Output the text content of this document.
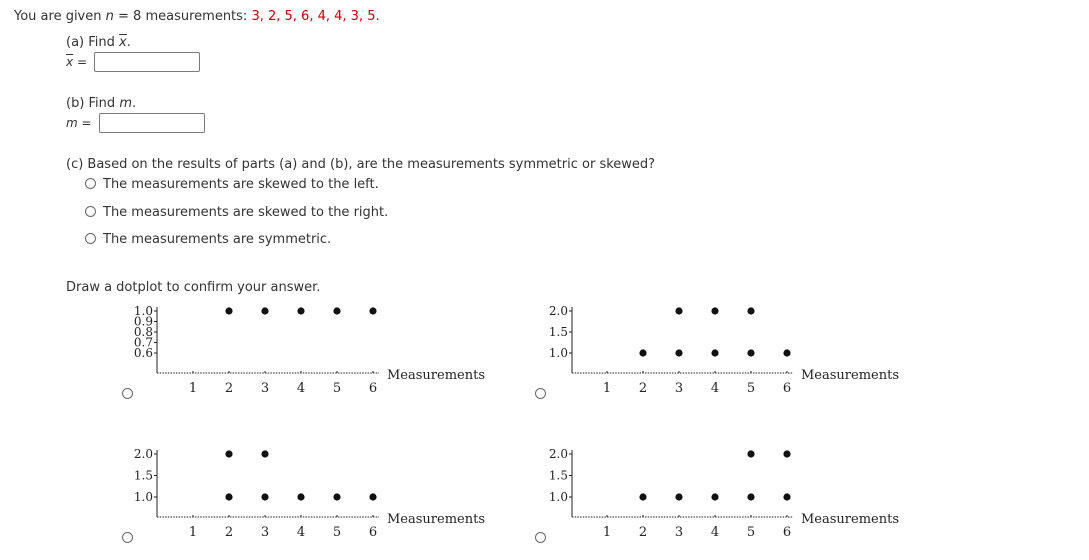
You are given n = 8 measurements: 3, 2, 5, 6, 4, 4, 3, 5.
(a) Find $\overline{x}$.
$\overline{x}$ =
(b) Find m.
m =
(c) Based on the results of parts (a) and (b), are the measurements symmetric or skewed?
The measurements are skewed to the left.
The measurements are skewed to the right.
The measurements are symmetric.
Draw a dotplot to confirm your answer.
1 2 3 4 5 6
1.0
0.9
0.8
0.7
0.6
Measurements
1 2 3 4 5 6
2.0
1.5
1.0
Measurements
1 2 3 4 5 6
2.0
1.5
1.0
Measurements
1 2 3 4 5 6
2.0
1.5
1.0
Measurements
